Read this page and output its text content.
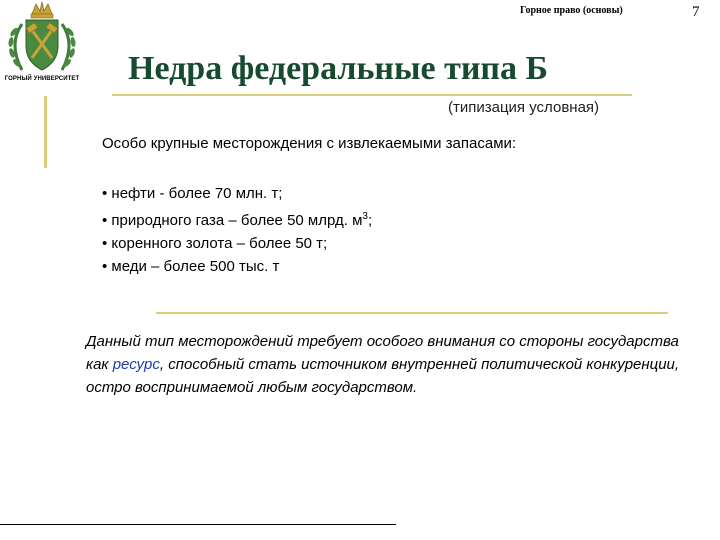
ГОРНЫЙ УНИВЕРСИТЕТ
Горное право (основы)	7
Недра федеральные типа Б
(типизация условная)
Особо крупные месторождения с извлекаемыми запасами:
• нефти - более 70 млн. т;
• природного газа – более 50 млрд. $м^3$;
• коренного золота – более 50 т;
• меди – более 500 тыс. т
Данный тип месторождений требует особого внимания со стороны государства как ресурс, способный стать источником внутренней политической конкуренции, остро воспринимаемой любым государством.
